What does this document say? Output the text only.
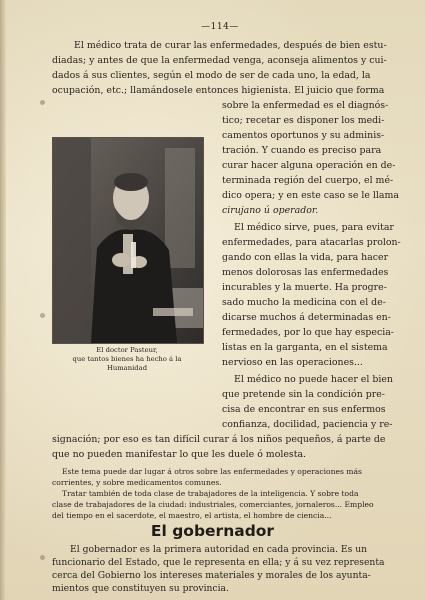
—114—
El médico trata de curar las enfermedades, después de bien estu-
diadas; y antes de que la enfermedad venga, aconseja alimentos y cui-
dados á sus clientes, según el modo de ser de cada uno, la edad, la
ocupación, etc.; llamándosele entonces higienista. El juicio que forma
sobre la enfermedad es el diagnós-
tico; recetar es disponer los medi-
camentos oportunos y su adminis-
tración. Y cuando es preciso para
curar hacer alguna operación en de-
terminada región del cuerpo, el mé-
dico opera; y en este caso se le llama
cirujano ú operador.
El médico sirve, pues, para evitar
enfermedades, para atacarlas prolon-
gando con ellas la vida, para hacer
menos dolorosas las enfermedades
incurables y la muerte. Ha progre-
sado mucho la medicina con el de-
dicarse muchos á determinadas en-
fermedades, por lo que hay especia-
listas en la garganta, en el sistema
nervioso en las operaciones...
El médico no puede hacer el bien
que pretende sin la condición pre-
cisa de encontrar en sus enfermos
confianza, docilidad, paciencia y re-
El doctor Pasteur,
que tantos bienes ha hecho á la Humanidad
signación; por eso es tan difícil curar á los niños pequeños, á parte de
que no pueden manifestar lo que les duele ó molesta.
Este tema puede dar lugar á otros sobre las enfermedades y operaciones más
corrientes, y sobre medicamentos comunes.
Tratar también de toda clase de trabajadores de la inteligencia. Y sobre toda
clase de trabajadores de la ciudad: industriales, comerciantes, jornaleros... Empleo
del tiempo en el sacerdote, el maestro, el artista, el hombre de ciencia...
El gobernador
El gobernador es la primera autoridad en cada provincia. Es un
funcionario del Estado, que le representa en ella; y á su vez representa
cerca del Gobierno los intereses materiales y morales de los ayunta-
mientos que constituyen su provincia.
